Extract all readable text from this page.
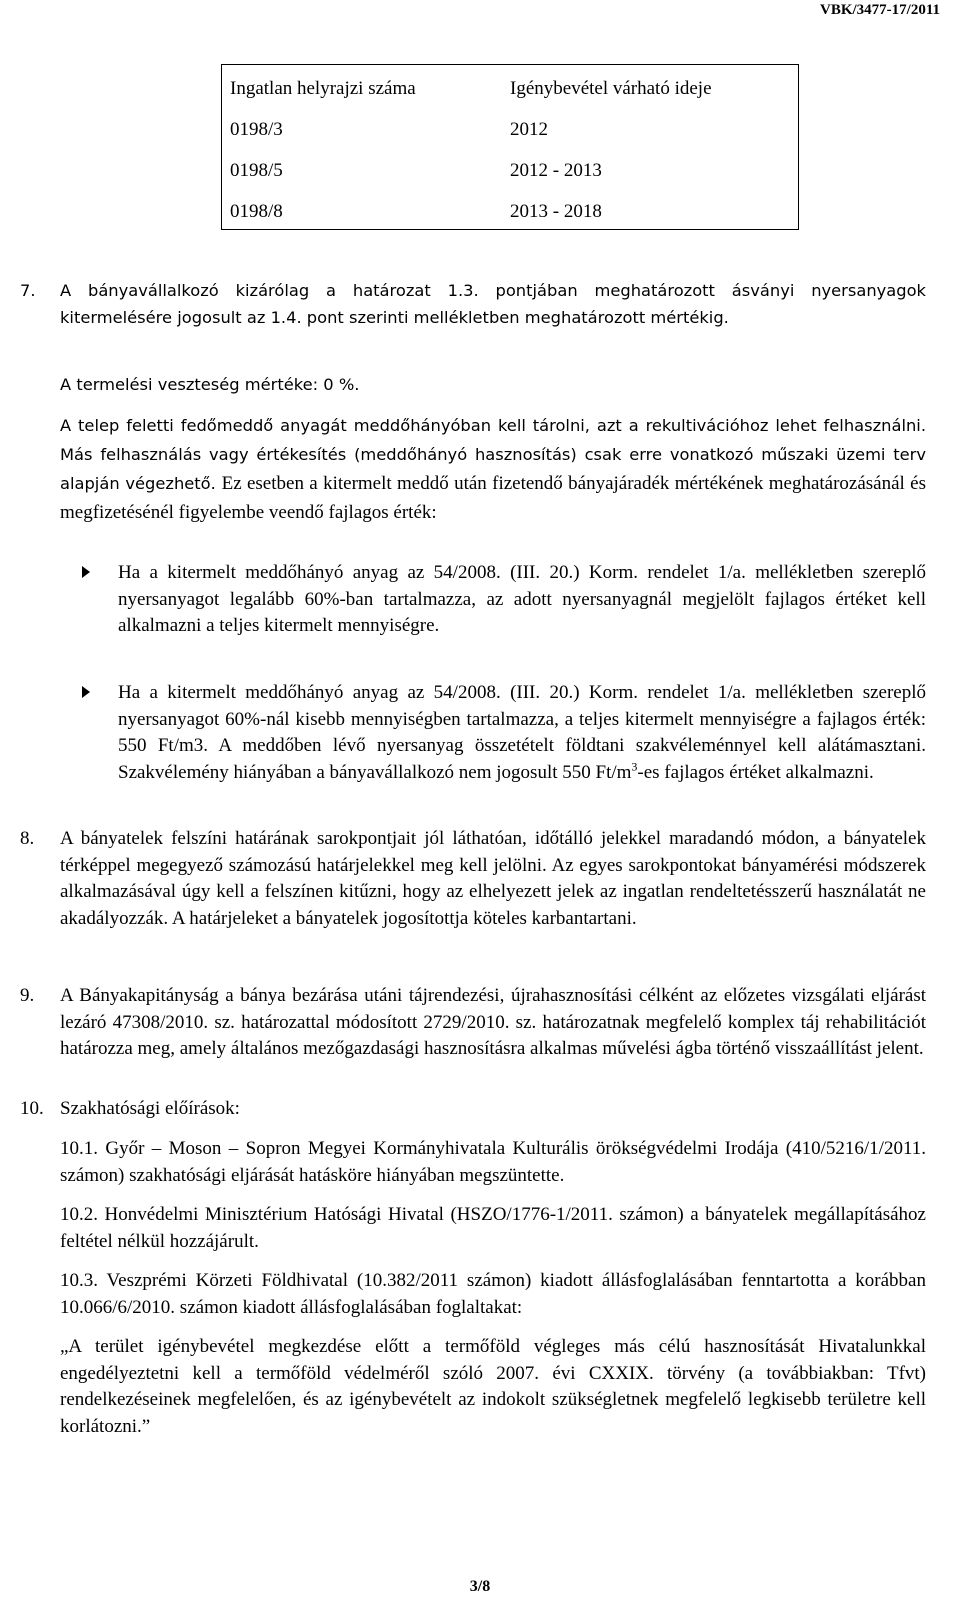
VBK/3477-17/2011
Ingatlan helyrajzi száma	Igénybevétel várható ideje
0198/3	2012
0198/5	2012 - 2013
0198/8	2013 - 2018
7. A bányavállalkozó kizárólag a határozat 1.3. pontjában meghatározott ásványi nyersanyagok kitermelésére jogosult az 1.4. pont szerinti mellékletben meghatározott mértékig.
A termelési veszteség mértéke: 0 %.
A telep feletti fedőmeddő anyagát meddőhányóban kell tárolni, azt a rekultivációhoz lehet felhasználni. Más felhasználás vagy értékesítés (meddőhányó hasznosítás) csak erre vonatkozó műszaki üzemi terv alapján végezhető. Ez esetben a kitermelt meddő után fizetendő bányajáradék mértékének meghatározásánál és megfizetésénél figyelembe veendő fajlagos érték:
Ha a kitermelt meddőhányó anyag az 54/2008. (III. 20.) Korm. rendelet 1/a. mellékletben szereplő nyersanyagot legalább 60%-ban tartalmazza, az adott nyersanyagnál megjelölt fajlagos értéket kell alkalmazni a teljes kitermelt mennyiségre.
Ha a kitermelt meddőhányó anyag az 54/2008. (III. 20.) Korm. rendelet 1/a. mellékletben szereplő nyersanyagot 60%-nál kisebb mennyiségben tartalmazza, a teljes kitermelt mennyiségre a fajlagos érték: 550 Ft/m3. A meddőben lévő nyersanyag összetételt földtani szakvéleménnyel kell alátámasztani. Szakvélemény hiányában a bányavállalkozó nem jogosult 550 $Ft/m^3-es$ fajlagos értéket alkalmazni.
8. A bányatelek felszíni határának sarokpontjait jól láthatóan, időtálló jelekkel maradandó módon, a bányatelek térképpel megegyező számozású határjelekkel meg kell jelölni. Az egyes sarokpontokat bányamérési módszerek alkalmazásával úgy kell a felszínen kitűzni, hogy az elhelyezett jelek az ingatlan rendeltetésszerű használatát ne akadályozzák. A határjeleket a bányatelek jogosítottja köteles karbantartani.
9. A Bányakapitányság a bánya bezárása utáni tájrendezési, újrahasznosítási célként az előzetes vizsgálati eljárást lezáró 47308/2010. sz. határozattal módosított 2729/2010. sz. határozatnak megfelelő komplex táj rehabilitációt határozza meg, amely általános mezőgazdasági hasznosításra alkalmas művelési ágba történő visszaállítást jelent.
10. Szakhatósági előírások:
10.1. Győr – Moson – Sopron Megyei Kormányhivatala Kulturális örökségvédelmi Irodája (410/5216/1/2011. számon) szakhatósági eljárását hatásköre hiányában megszüntette.
10.2. Honvédelmi Minisztérium Hatósági Hivatal (HSZO/1776-1/2011. számon) a bányatelek megállapításához feltétel nélkül hozzájárult.
10.3. Veszprémi Körzeti Földhivatal (10.382/2011 számon) kiadott állásfoglalásában fenntartotta a korábban 10.066/6/2010. számon kiadott állásfoglalásában foglaltakat:
„A terület igénybevétel megkezdése előtt a termőföld végleges más célú hasznosítását Hivatalunkkal engedélyeztetni kell a termőföld védelméről szóló 2007. évi CXXIX. törvény (a továbbiakban: Tfvt) rendelkezéseinek megfelelően, és az igénybevételt az indokolt szükségletnek megfelelő legkisebb területre kell korlátozni.”
3/8
